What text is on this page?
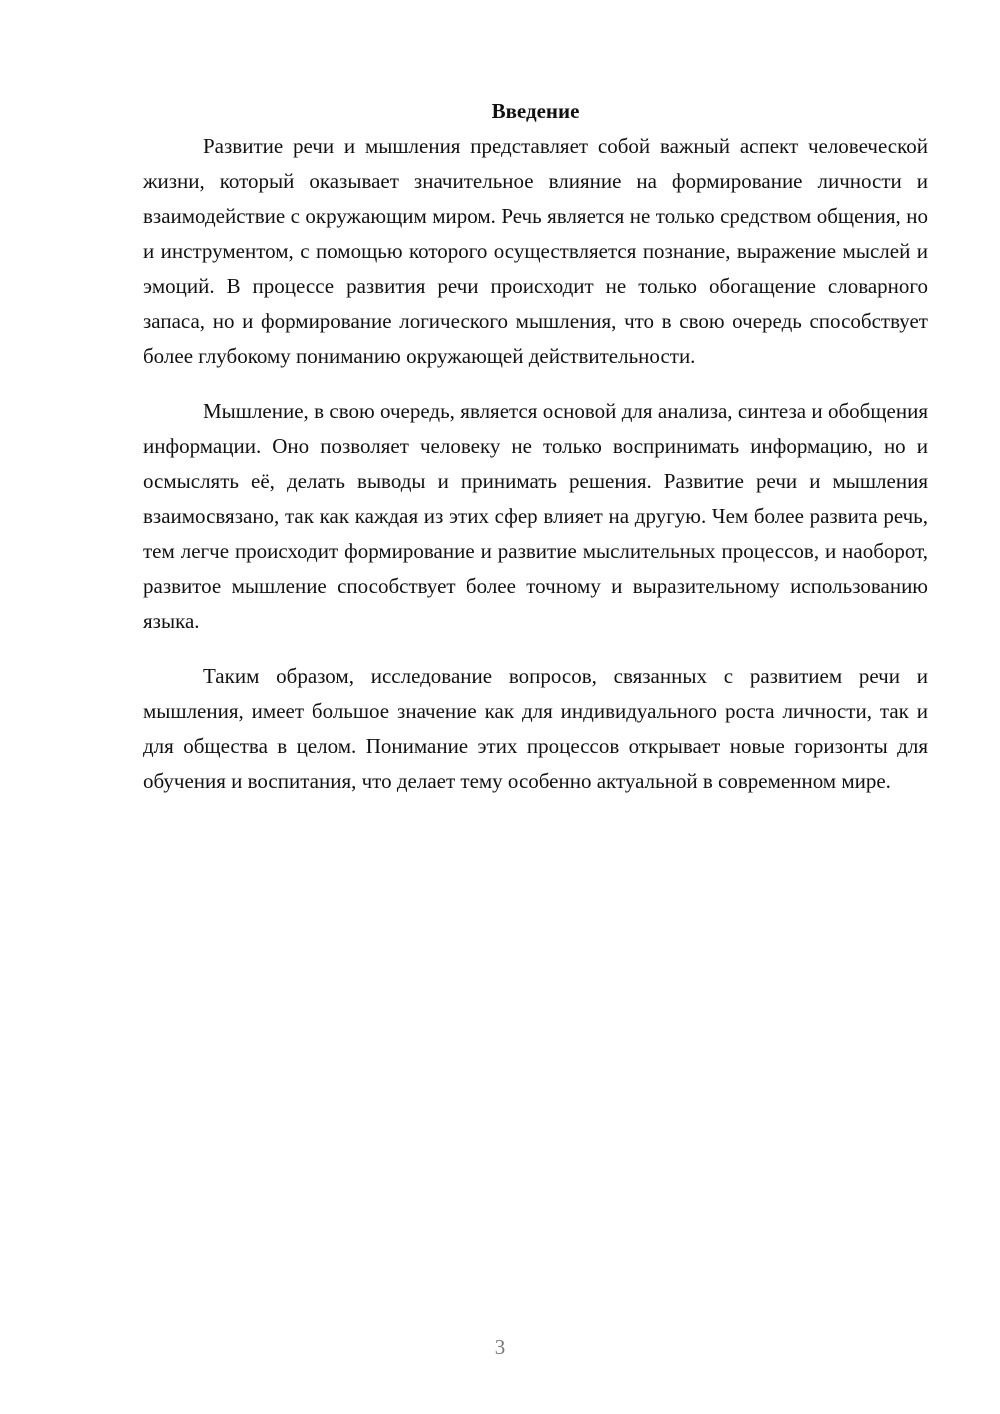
Введение

Развитие речи и мышления представляет собой важный аспект человеческой жизни, который оказывает значительное влияние на формирование личности и взаимодействие с окружающим миром. Речь является не только средством общения, но и инструментом, с помощью которого осуществляется познание, выражение мыслей и эмоций. В процессе развития речи происходит не только обогащение словарного запаса, но и формирование логического мышления, что в свою очередь способствует более глубокому пониманию окружающей действительности.

Мышление, в свою очередь, является основой для анализа, синтеза и обобщения информации. Оно позволяет человеку не только воспринимать информацию, но и осмыслять её, делать выводы и принимать решения. Развитие речи и мышления взаимосвязано, так как каждая из этих сфер влияет на другую. Чем более развита речь, тем легче происходит формирование и развитие мыслительных процессов, и наоборот, развитое мышление способствует более точному и выразительному использованию языка.

Таким образом, исследование вопросов, связанных с развитием речи и мышления, имеет большое значение как для индивидуального роста личности, так и для общества в целом. Понимание этих процессов открывает новые горизонты для обучения и воспитания, что делает тему особенно актуальной в современном мире.

3
